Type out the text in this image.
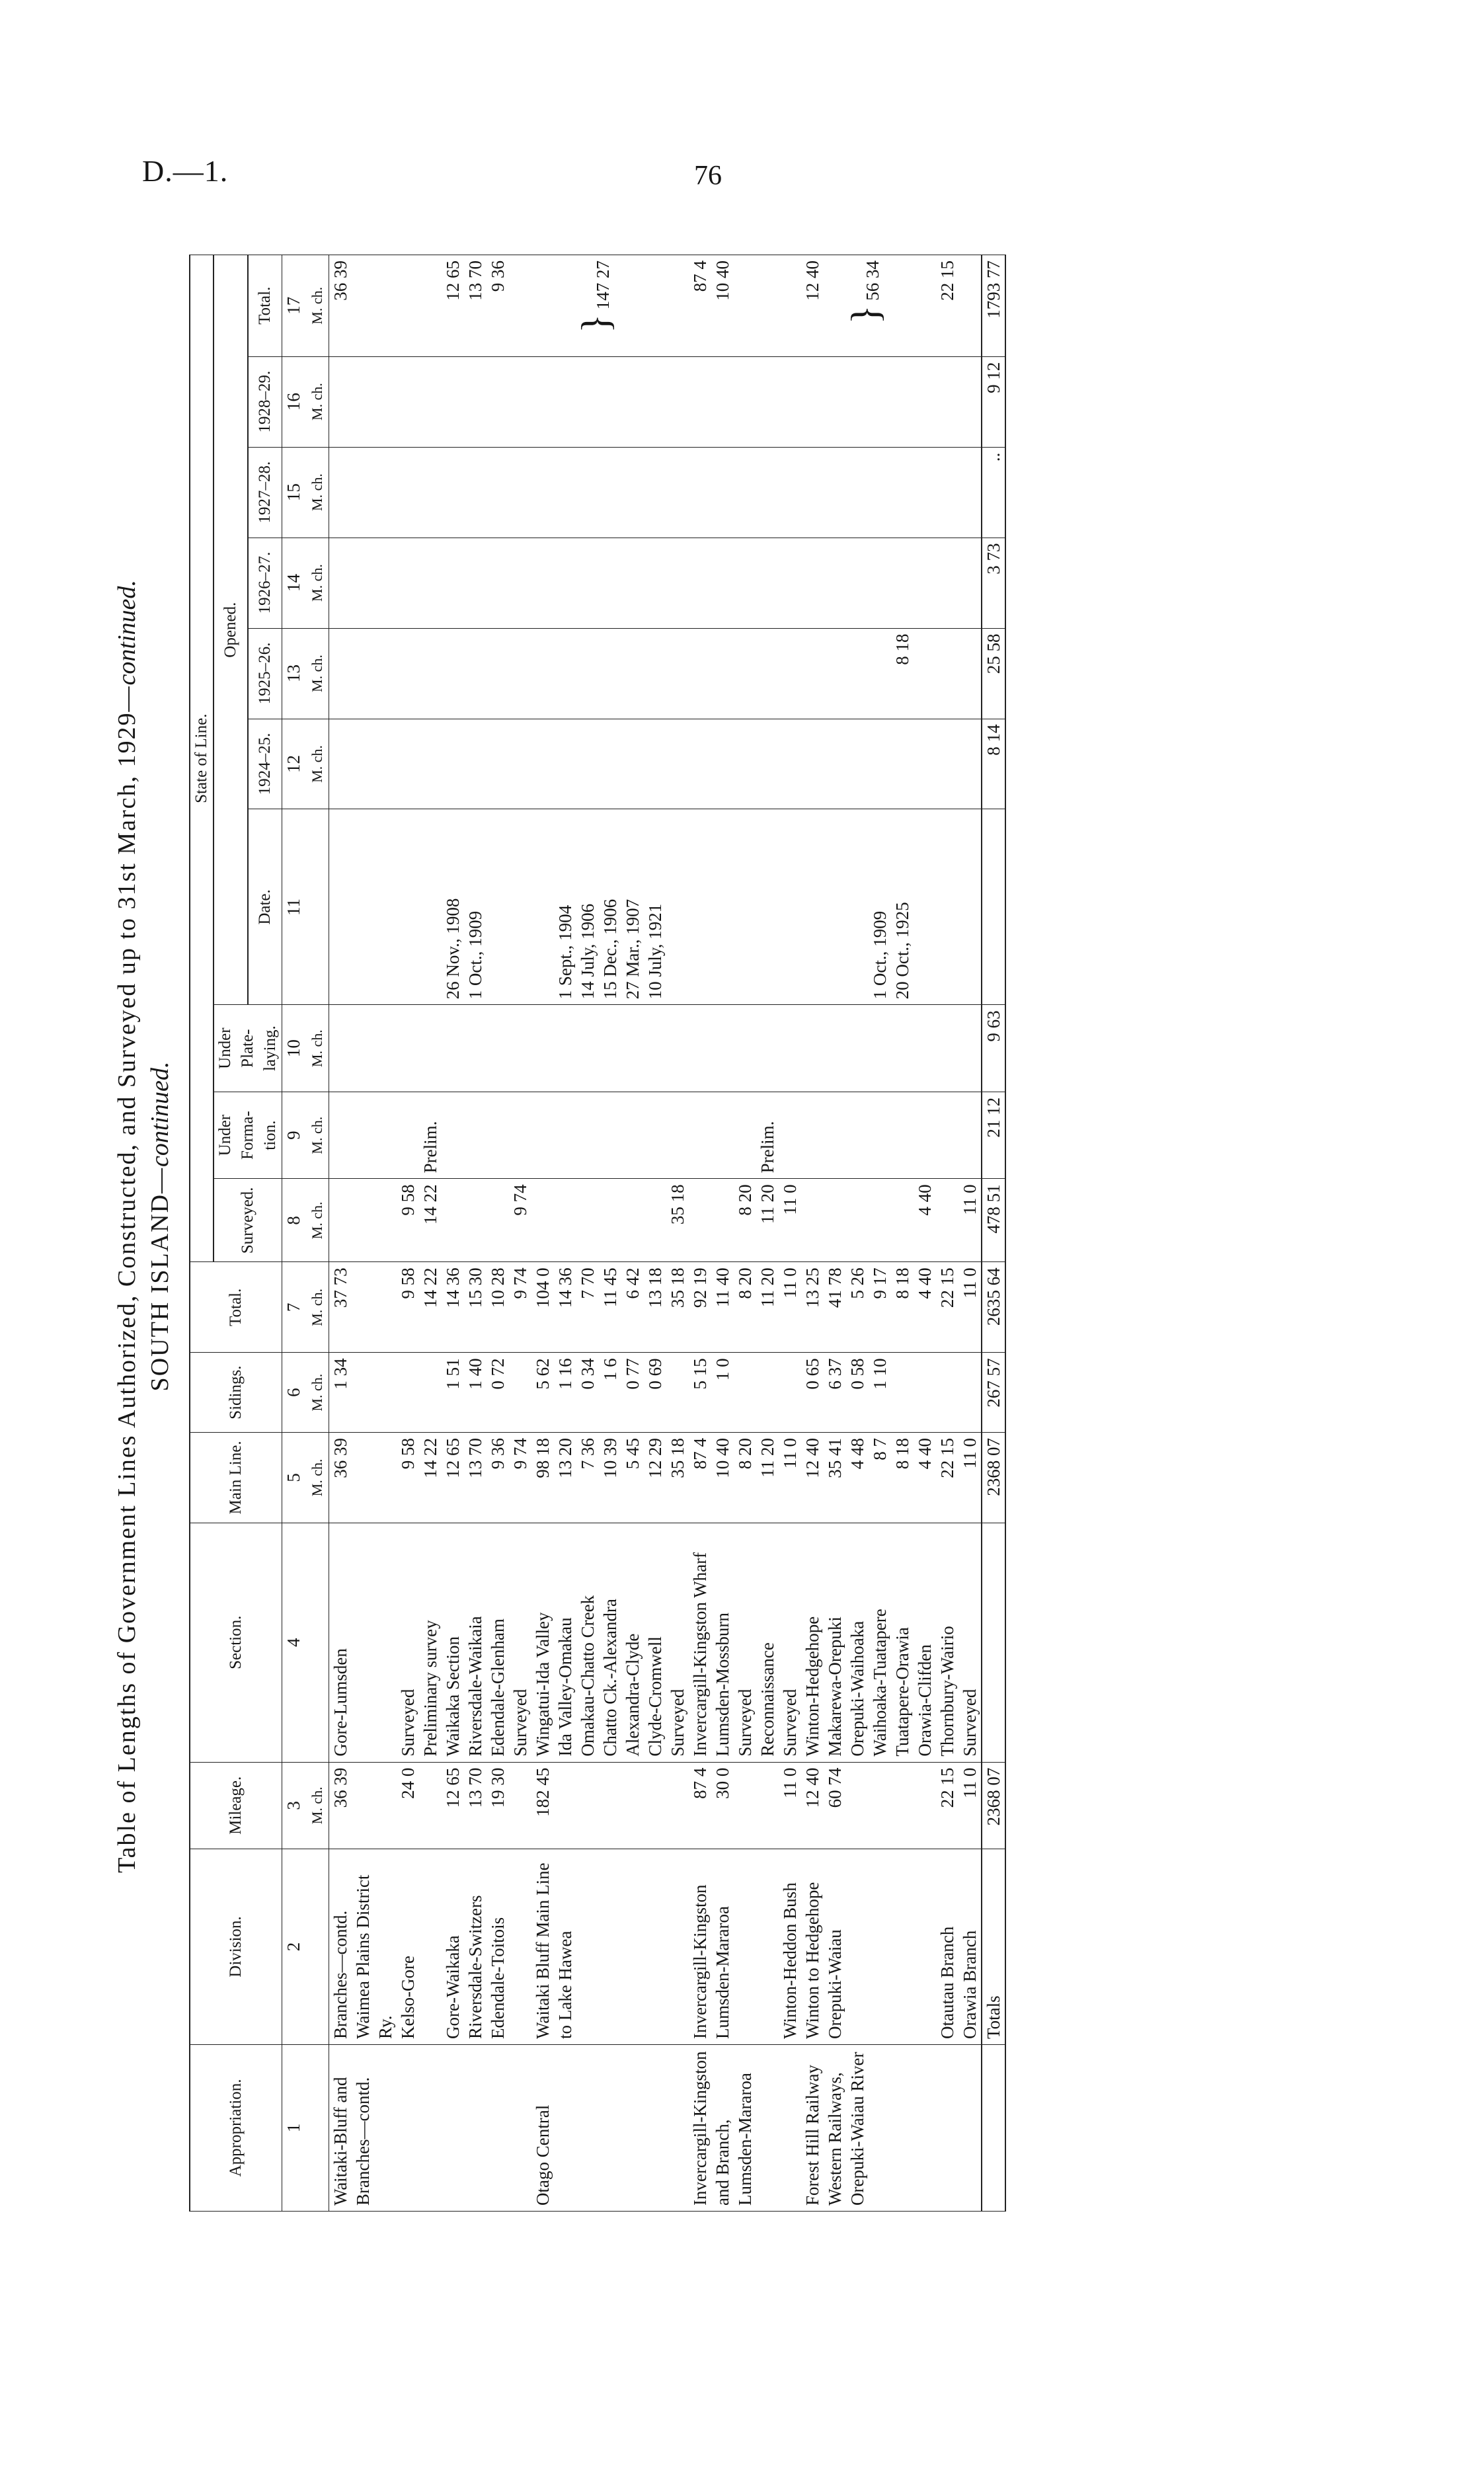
D.—1.	76
Table of Lengths of Government Lines Authorized, Constructed, and Surveyed up to 31st March, 1929—continued.
SOUTH ISLAND—continued.
Appropriation.	Division.	Mileage.	Section.	Main Line.	Sidings.	Total.	State of Line.									
							Surveyed.	Under Forma-tion.	Under Plate-laying.	Opened.						
										Date.	1924–25.	1925–26.	1926–27.	1927–28.	1928–29.	Total.
1	2	3 M. ch.	4	5 M. ch.	6 M. ch.	7 M. ch.	8 M. ch.	9 M. ch.	10 M. ch.	11	12 M. ch.	13 M. ch.	14 M. ch.	15 M. ch.	16 M. ch.	17 M. ch.
Waitaki-Bluff and Branches—contd.	Branches—contd. Waimea Plains District Ry.	36 39	Gore-Lumsden	36 39	1 34	37 73										36 39
	Kelso-Gore	24 0	Surveyed	9 58		9 58	9 58									
			Preliminary survey	14 22		14 22	14 22	Prelim.								
	Gore-Waikaka	12 65	Waikaka Section	12 65	1 51	14 36				26 Nov., 1908						12 65
	Riversdale-Switzers	13 70	Riversdale-Waikaia	13 70	1 40	15 30				1 Oct., 1909						13 70
	Edendale-Toitois	19 30	Edendale-Glenham	9 36	0 72	10 28										9 36
			Surveyed	9 74		9 74	9 74									
Otago Central	Waitaki Bluff Main Line to Lake Hawea	182 45	Wingatui-Ida Valley	98 18	5 62	104 0										} 147 27
			Ida Valley-Omakau	13 20	1 16	14 36				1 Sept., 1904						
			Omakau-Chatto Creek	7 36	0 34	7 70				14 July, 1906						
			Chatto Ck.-Alexandra	10 39	1 6	11 45				15 Dec., 1906						
			Alexandra-Clyde	5 45	0 77	6 42				27 Mar., 1907						
			Clyde-Cromwell	12 29	0 69	13 18				10 July, 1921						
			Surveyed	35 18		35 18	35 18									
Invercargill-Kingston and Branch, Lumsden-Mararoa	Invercargill-Kingston	87 4	Invercargill-Kingston Wharf	87 4	5 15	92 19										87 4
	Lumsden-Mararoa	30 0	Lumsden-Mossburn	10 40	1 0	11 40										10 40
			Surveyed	8 20		8 20	8 20									
			Reconnaissance	11 20		11 20	11 20	Prelim.								
	Winton-Heddon Bush	11 0	Surveyed	11 0		11 0	11 0									
Forest Hill Railway	Winton to Hedgehope	12 40	Winton-Hedgehope	12 40	0 65	13 25										12 40
Western Railways, Orepuki-Waiau River	Orepuki-Waiau	60 74	Makarewa-Orepuki	35 41	6 37	41 78										} 56 34
			Orepuki-Waihoaka	4 48	0 58	5 26										
			Waihoaka-Tuatapere	8 7	1 10	9 17				1 Oct., 1909						
			Tuatapere-Orawia	8 18		8 18				20 Oct., 1925		8 18				
			Orawia-Clifden	4 40		4 40	4 40									
	Otautau Branch	22 15	Thornbury-Wairio	22 15		22 15										22 15
	Orawia Branch	11 0	Surveyed	11 0		11 0	11 0									
	Totals	2368 07		2368 07	267 57	2635 64	478 51	21 12	9 63		8 14	25 58	3 73	..	9 12	1793 77
